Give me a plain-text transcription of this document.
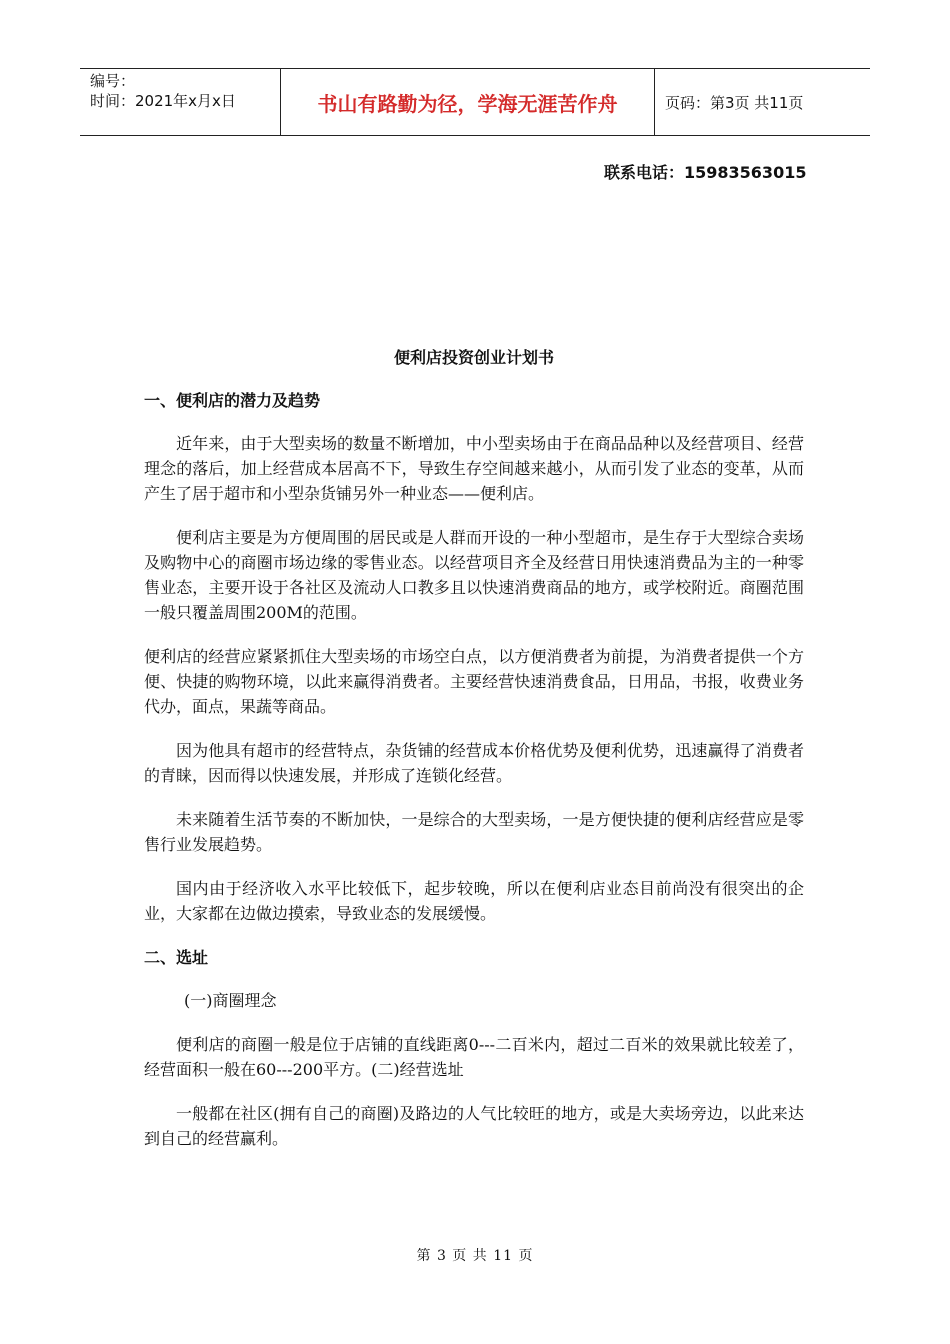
编号：
时间：2021年x月x日	书山有路勤为径，学海无涯苦作舟	页码：第3页 共11页
联系电话：15983563015
便利店投资创业计划书
一、便利店的潜力及趋势

近年来，由于大型卖场的数量不断增加，中小型卖场由于在商品品种以及经营项目、经营理念的落后，加上经营成本居高不下，导致生存空间越来越小，从而引发了业态的变革，从而产生了居于超市和小型杂货铺另外一种业态——便利店。

便利店主要是为方便周围的居民或是人群而开设的一种小型超市，是生存于大型综合卖场及购物中心的商圈市场边缘的零售业态。以经营项目齐全及经营日用快速消费品为主的一种零售业态，主要开设于各社区及流动人口教多且以快速消费商品的地方，或学校附近。商圈范围一般只覆盖周围200M的范围。

便利店的经营应紧紧抓住大型卖场的市场空白点，以方便消费者为前提，为消费者提供一个方便、快捷的购物环境，以此来赢得消费者。主要经营快速消费食品，日用品，书报，收费业务代办，面点，果蔬等商品。

因为他具有超市的经营特点，杂货铺的经营成本价格优势及便利优势，迅速赢得了消费者的青睐，因而得以快速发展，并形成了连锁化经营。

未来随着生活节奏的不断加快，一是综合的大型卖场，一是方便快捷的便利店经营应是零售行业发展趋势。

国内由于经济收入水平比较低下，起步较晚，所以在便利店业态目前尚没有很突出的企业，大家都在边做边摸索，导致业态的发展缓慢。

二、选址
(一)商圈理念

便利店的商圈一般是位于店铺的直线距离0---二百米内，超过二百米的效果就比较差了，经营面积一般在60---200平方。(二)经营选址

一般都在社区(拥有自己的商圈)及路边的人气比较旺的地方，或是大卖场旁边，以此来达到自己的经营赢利。

第 3 页 共 11 页
